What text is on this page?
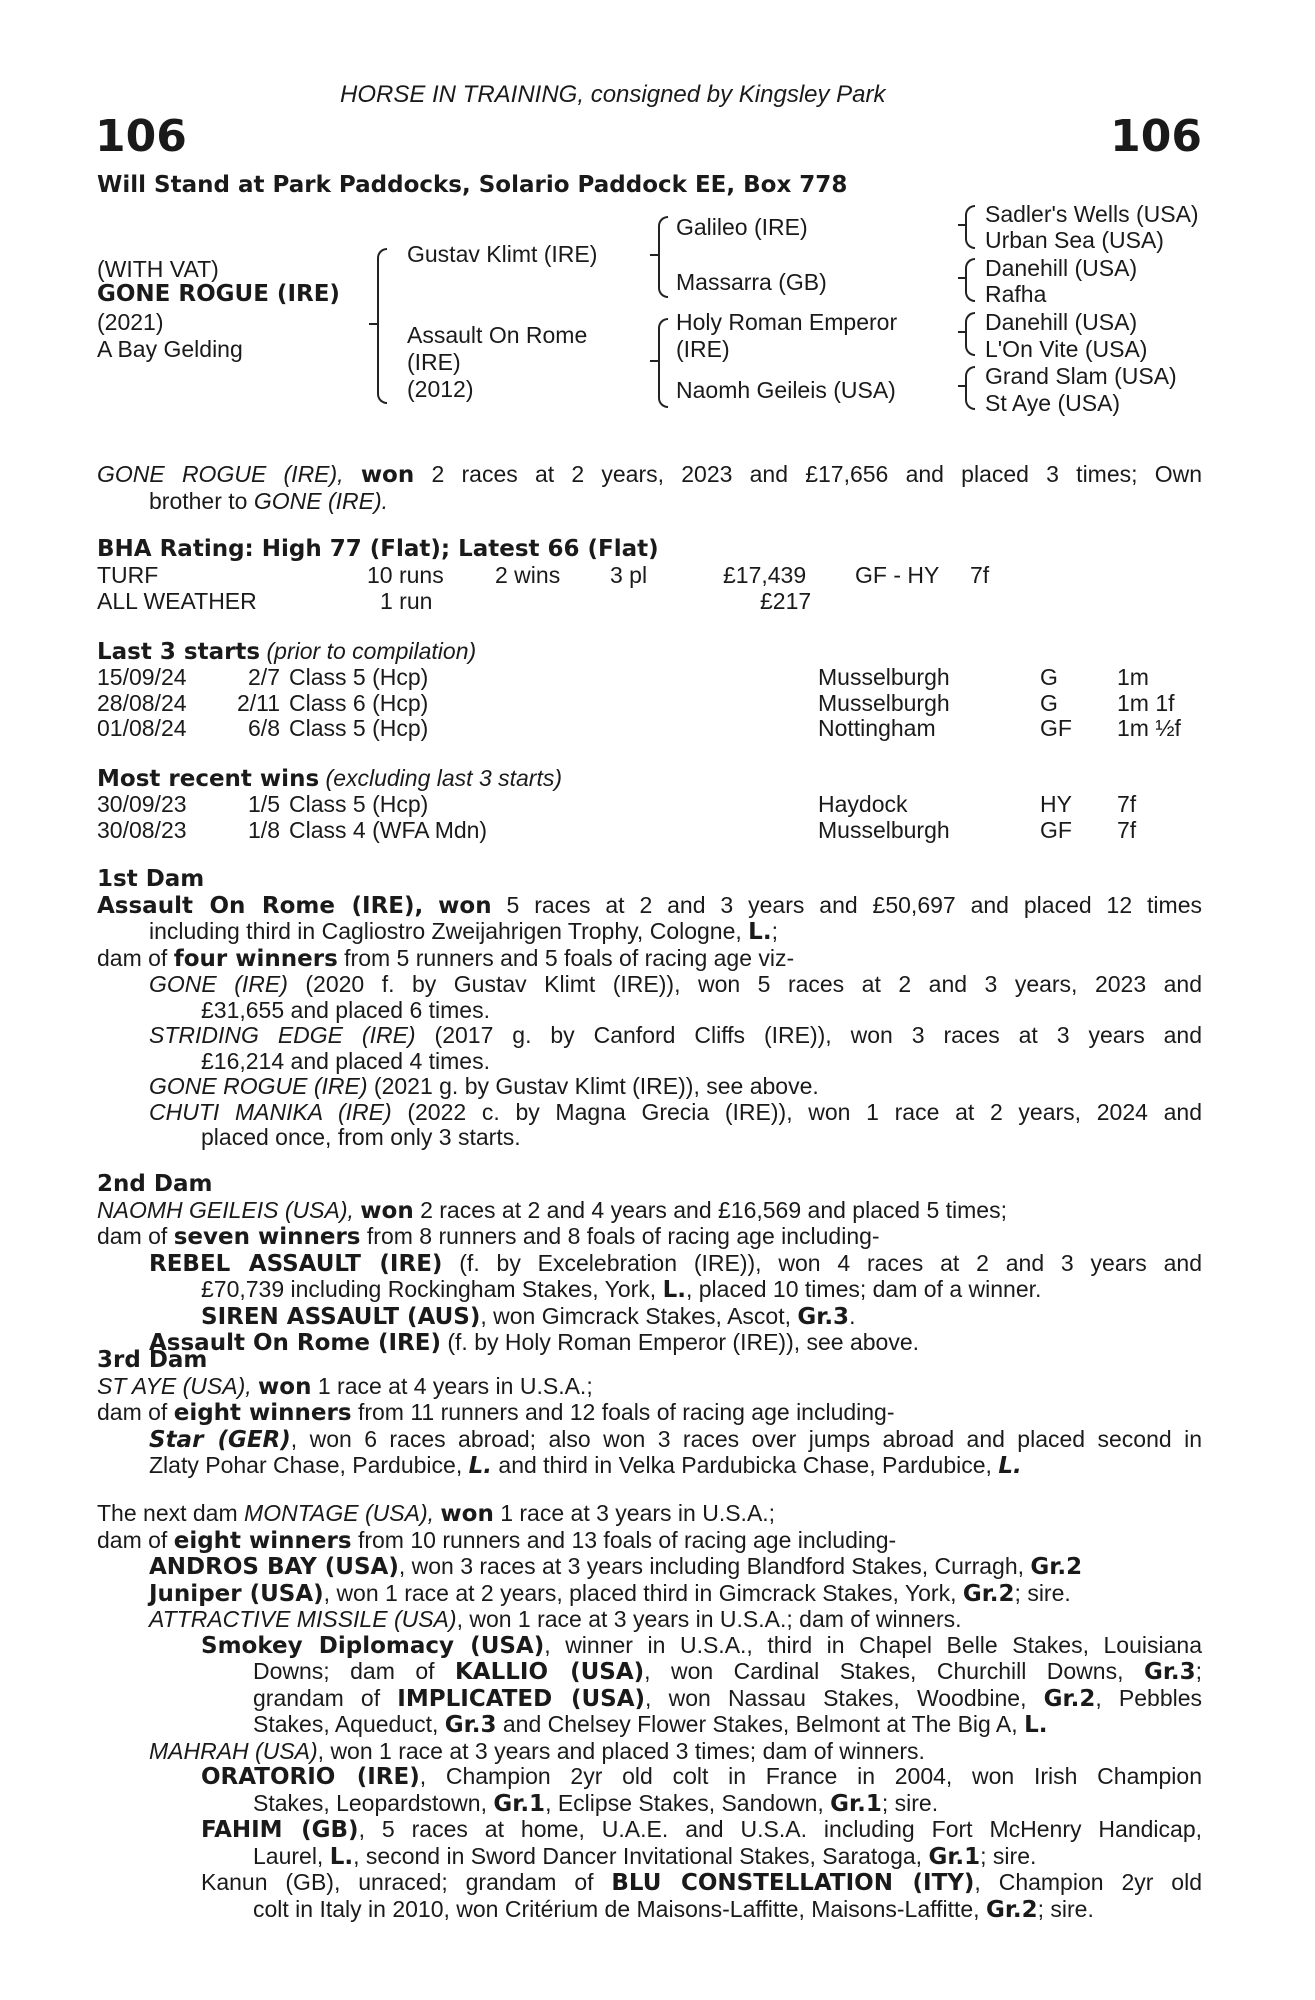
HORSE IN TRAINING, consigned by Kingsley Park
106	106
Will Stand at Park Paddocks, Solario Paddock EE, Box 778
(WITH VAT)
GONE ROGUE (IRE)
(2021)
A Bay Gelding
Gustav Klimt (IRE)
Assault On Rome
(IRE)
(2012)
Galileo (IRE)
Massarra (GB)
Holy Roman Emperor
(IRE)
Naomh Geileis (USA)
Sadler's Wells (USA)
Urban Sea (USA)
Danehill (USA)
Rafha
Danehill (USA)
L'On Vite (USA)
Grand Slam (USA)
St Aye (USA)
GONE ROGUE (IRE), won 2 races at 2 years, 2023 and £17,656 and placed 3 times; Own
brother to GONE (IRE).
BHA Rating: High 77 (Flat); Latest 66 (Flat)
TURF	10 runs 2 wins 3 pl	£17,439 GF - HY 7f
ALL WEATHER	1 run	£217
Last 3 starts (prior to compilation)
15/09/24	2/7 Class 5 (Hcp)	Musselburgh	G	1m
28/08/24 2/11 Class 6 (Hcp)	Musselburgh	G	1m 1f
01/08/24	6/8 Class 5 (Hcp)	Nottingham	GF 1m ½f
Most recent wins (excluding last 3 starts)
30/09/23	1/5 Class 5 (Hcp)	Haydock	HY 7f
30/08/23	1/8 Class 4 (WFA Mdn)	Musselburgh	GF 7f
1st Dam
Assault On Rome (IRE), won 5 races at 2 and 3 years and £50,697 and placed 12 times
including third in Cagliostro Zweijahrigen Trophy, Cologne, L.;
dam of four winners from 5 runners and 5 foals of racing age viz-
GONE (IRE) (2020 f. by Gustav Klimt (IRE)), won 5 races at 2 and 3 years, 2023 and
£31,655 and placed 6 times.
STRIDING EDGE (IRE) (2017 g. by Canford Cliffs (IRE)), won 3 races at 3 years and
£16,214 and placed 4 times.
GONE ROGUE (IRE) (2021 g. by Gustav Klimt (IRE)), see above.
CHUTI MANIKA (IRE) (2022 c. by Magna Grecia (IRE)), won 1 race at 2 years, 2024 and
placed once, from only 3 starts.
2nd Dam
NAOMH GEILEIS (USA), won 2 races at 2 and 4 years and £16,569 and placed 5 times;
dam of seven winners from 8 runners and 8 foals of racing age including-
REBEL ASSAULT (IRE) (f. by Excelebration (IRE)), won 4 races at 2 and 3 years and
£70,739 including Rockingham Stakes, York, L., placed 10 times; dam of a winner.
SIREN ASSAULT (AUS), won Gimcrack Stakes, Ascot, Gr.3.
Assault On Rome (IRE) (f. by Holy Roman Emperor (IRE)), see above.
3rd Dam
ST AYE (USA), won 1 race at 4 years in U.S.A.;
dam of eight winners from 11 runners and 12 foals of racing age including-
Star (GER), won 6 races abroad; also won 3 races over jumps abroad and placed second in
Zlaty Pohar Chase, Pardubice, L. and third in Velka Pardubicka Chase, Pardubice, L.
The next dam MONTAGE (USA), won 1 race at 3 years in U.S.A.;
dam of eight winners from 10 runners and 13 foals of racing age including-
ANDROS BAY (USA), won 3 races at 3 years including Blandford Stakes, Curragh, Gr.2
Juniper (USA), won 1 race at 2 years, placed third in Gimcrack Stakes, York, Gr.2; sire.
ATTRACTIVE MISSILE (USA), won 1 race at 3 years in U.S.A.; dam of winners.
Smokey Diplomacy (USA), winner in U.S.A., third in Chapel Belle Stakes, Louisiana
Downs; dam of KALLIO (USA), won Cardinal Stakes, Churchill Downs, Gr.3;
grandam of IMPLICATED (USA), won Nassau Stakes, Woodbine, Gr.2, Pebbles
Stakes, Aqueduct, Gr.3 and Chelsey Flower Stakes, Belmont at The Big A, L.
MAHRAH (USA), won 1 race at 3 years and placed 3 times; dam of winners.
ORATORIO (IRE), Champion 2yr old colt in France in 2004, won Irish Champion
Stakes, Leopardstown, Gr.1, Eclipse Stakes, Sandown, Gr.1; sire.
FAHIM (GB), 5 races at home, U.A.E. and U.S.A. including Fort McHenry Handicap,
Laurel, L., second in Sword Dancer Invitational Stakes, Saratoga, Gr.1; sire.
Kanun (GB), unraced; grandam of BLU CONSTELLATION (ITY), Champion 2yr old
colt in Italy in 2010, won Critérium de Maisons-Laffitte, Maisons-Laffitte, Gr.2; sire.
